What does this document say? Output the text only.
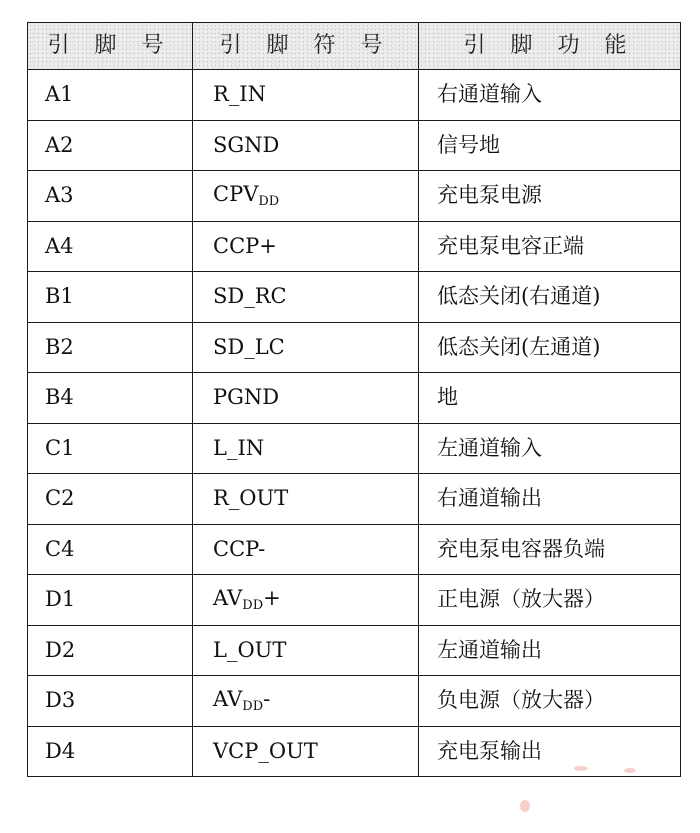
引 脚 号	引 脚 符 号	引 脚 功 能
A1	R_IN	右通道输入
A2	SGND	信号地
A3	$CPV_{DD}$	充电泵电源
A4	CCP+	充电泵电容正端
B1	SD_RC	低态关闭(右通道)
B2	SD_LC	低态关闭(左通道)
B4	PGND	地
C1	L_IN	左通道输入
C2	R_OUT	右通道输出
C4	CCP-	充电泵电容器负端
D1	$AV_{DD}+$	正电源（放大器）
D2	L_OUT	左通道输出
D3	$AV_{DD}-$	负电源（放大器）
D4	VCP_OUT	充电泵输出
